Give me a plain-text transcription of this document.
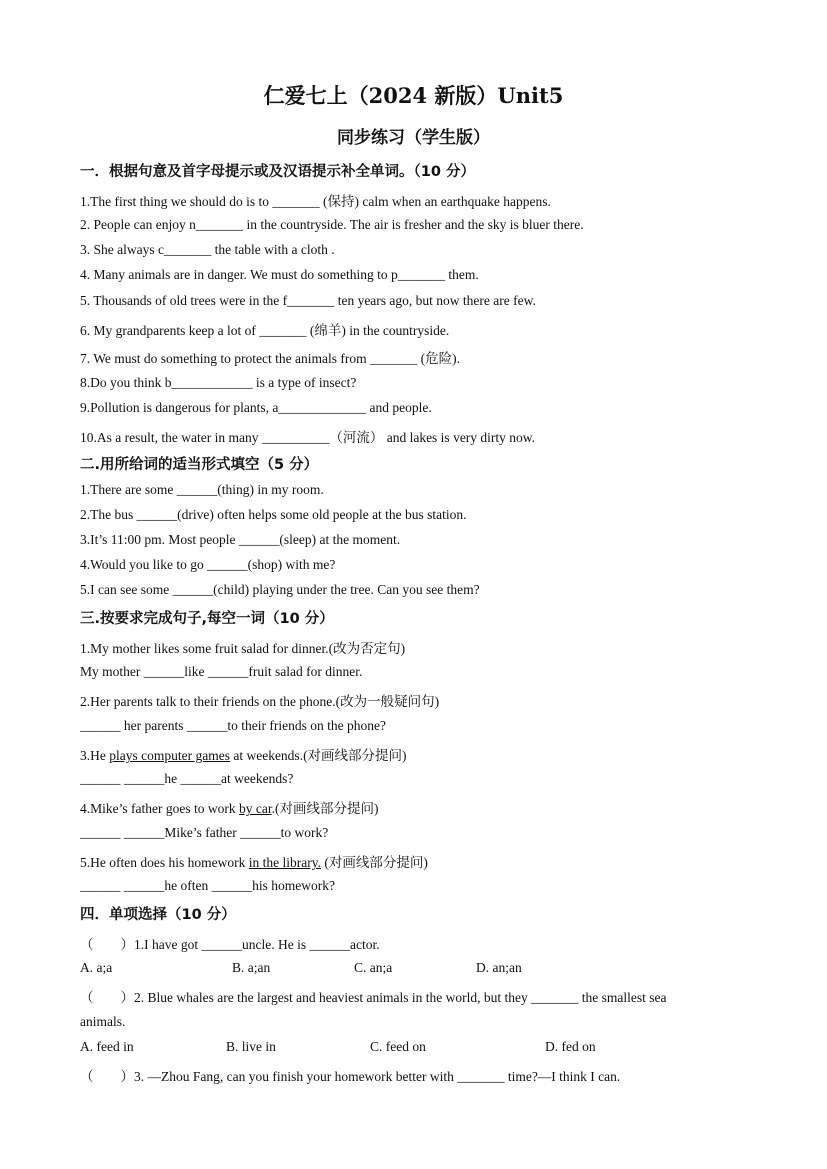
仁爱七上（2024 新版）Unit5
同步练习（学生版）
一．根据句意及首字母提示或及汉语提示补全单词。（10 分）
1.The first thing we should do is to _______ (保持) calm when an earthquake happens.
2. People can enjoy n_______ in the countryside. The air is fresher and the sky is bluer there.
3. She always c_______ the table with a cloth .
4. Many animals are in danger. We must do something to p_______ them.
5. Thousands of old trees were in the f_______ ten years ago, but now there are few.
6. My grandparents keep a lot of _______ (绵羊) in the countryside.
7. We must do something to protect the animals from _______ (危险).
8.Do you think b____________ is a type of insect?
9.Pollution is dangerous for plants, a_____________ and people.
10.As a result, the water in many __________（河流） and lakes is very dirty now.
二.用所给词的适当形式填空（5 分）
1.There are some ______(thing) in my room.
2.The bus ______(drive) often helps some old people at the bus station.
3.It’s 11:00 pm. Most people ______(sleep) at the moment.
4.Would you like to go ______(shop) with me?
5.I can see some ______(child) playing under the tree. Can you see them?
三.按要求完成句子,每空一词（10 分）
1.My mother likes some fruit salad for dinner.(改为否定句)
My mother ______like ______fruit salad for dinner.
2.Her parents talk to their friends on the phone.(改为一般疑问句)
______ her parents ______to their friends on the phone?
3.He plays computer games at weekends.(对画线部分提问)
______ ______he ______at weekends?
4.Mike’s father goes to work by car.(对画线部分提问)
______ ______Mike’s father ______to work?
5.He often does his homework in the library. (对画线部分提问)
______ ______he often ______his homework?
四．单项选择（10 分）
（　　）1.I have got ______uncle. He is ______actor.
A. a;a	B. a;an	C. an;a	D. an;an
（　　）2. Blue whales are the largest and heaviest animals in the world, but they _______ the smallest sea
animals.
A. feed in	B. live in	C. feed on	D. fed on
（　　）3. —Zhou Fang, can you finish your homework better with _______ time?—I think I can.
